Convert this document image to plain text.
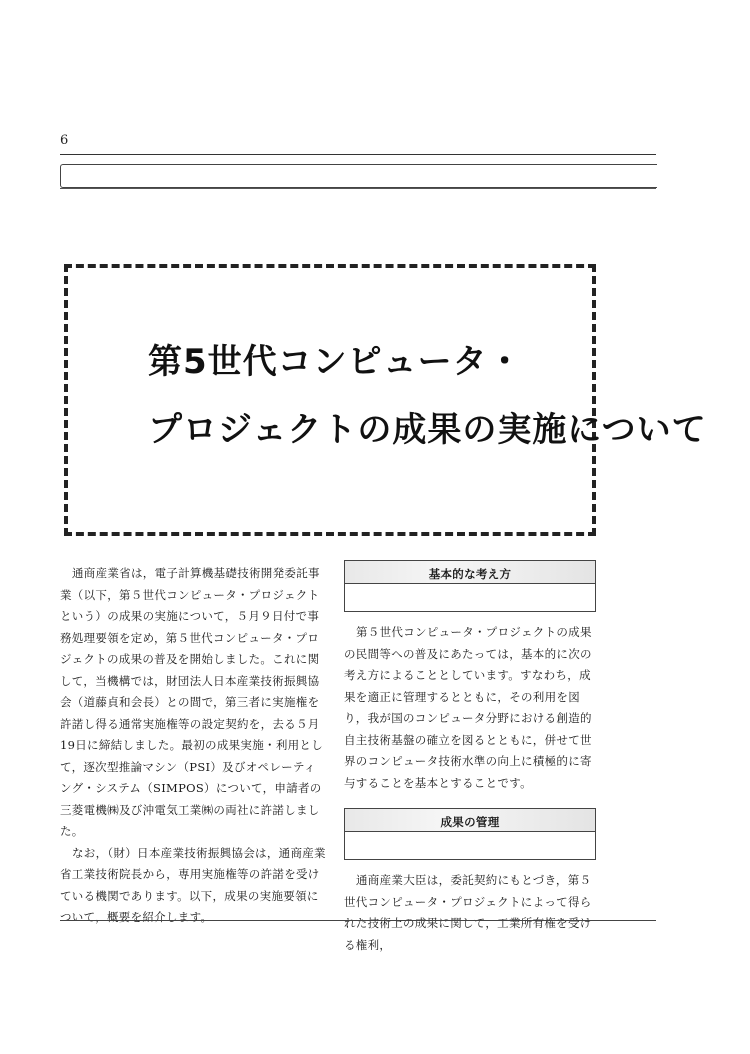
6
第5世代コンピュータ・
プロジェクトの成果の実施について

通商産業省は，電子計算機基礎技術開発委託事業（以下，第５世代コンピュータ・プロジェクトという）の成果の実施について，５月９日付で事務処理要領を定め，第５世代コンピュータ・プロジェクトの成果の普及を開始しました。これに関して，当機構では，財団法人日本産業技術振興協会（道藤貞和会長）との間で，第三者に実施権を許諾し得る通常実施権等の設定契約を，去る５月19日に締結しました。最初の成果実施・利用として，逐次型推論マシン（PSI）及びオペレーティング・システム（SIMPOS）について，申請者の三菱電機㈱及び沖電気工業㈱の両社に許諾しました。

なお，（財）日本産業技術振興協会は，通商産業省工業技術院長から，専用実施権等の許諾を受けている機関であります。以下，成果の実施要領について，概要を紹介します。

基本的な考え方

第５世代コンピュータ・プロジェクトの成果の民間等への普及にあたっては，基本的に次の考え方によることとしています。すなわち，成果を適正に管理するとともに，その利用を図り，我が国のコンピュータ分野における創造的自主技術基盤の確立を図るとともに，併せて世界のコンピュータ技術水準の向上に積極的に寄与することを基本とすることです。

成果の管理

通商産業大臣は，委託契約にもとづき，第５世代コンピュータ・プロジェクトによって得られた技術上の成果に関して，工業所有権を受ける権利，
